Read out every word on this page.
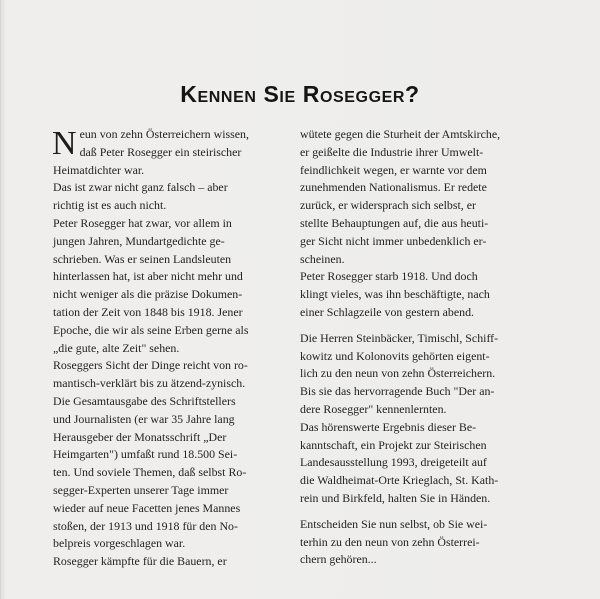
Kennen Sie Rosegger?
N eun von zehn Österreichern wissen,
daß Peter Rosegger ein steirischer
Heimatdichter war.
Das ist zwar nicht ganz falsch – aber
richtig ist es auch nicht.
Peter Rosegger hat zwar, vor allem in
jungen Jahren, Mundartgedichte ge-
schrieben. Was er seinen Landsleuten
hinterlassen hat, ist aber nicht mehr und
nicht weniger als die präzise Dokumen-
tation der Zeit von 1848 bis 1918. Jener
Epoche, die wir als seine Erben gerne als
„die gute, alte Zeit" sehen.
Roseggers Sicht der Dinge reicht von ro-
mantisch-verklärt bis zu ätzend-zynisch.
Die Gesamtausgabe des Schriftstellers
und Journalisten (er war 35 Jahre lang
Herausgeber der Monatsschrift „Der
Heimgarten") umfaßt rund 18.500 Sei-
ten. Und soviele Themen, daß selbst Ro-
segger-Experten unserer Tage immer
wieder auf neue Facetten jenes Mannes
stoßen, der 1913 und 1918 für den No-
belpreis vorgeschlagen war.
Rosegger kämpfte für die Bauern, er
wütete gegen die Sturheit der Amtskirche,
er geißelte die Industrie ihrer Umwelt-
feindlichkeit wegen, er warnte vor dem
zunehmenden Nationalismus. Er redete
zurück, er widersprach sich selbst, er
stellte Behauptungen auf, die aus heuti-
ger Sicht nicht immer unbedenklich er-
scheinen.
Peter Rosegger starb 1918. Und doch
klingt vieles, was ihn beschäftigte, nach
einer Schlagzeile von gestern abend.
Die Herren Steinbäcker, Timischl, Schiff-
kowitz und Kolonovits gehörten eigent-
lich zu den neun von zehn Österreichern.
Bis sie das hervorragende Buch "Der an-
dere Rosegger" kennenlernten.
Das hörenswerte Ergebnis dieser Be-
kanntschaft, ein Projekt zur Steirischen
Landesausstellung 1993, dreigeteilt auf
die Waldheimat-Orte Krieglach, St. Kath-
rein und Birkfeld, halten Sie in Händen.
Entscheiden Sie nun selbst, ob Sie wei-
terhin zu den neun von zehn Österrei-
chern gehören...
